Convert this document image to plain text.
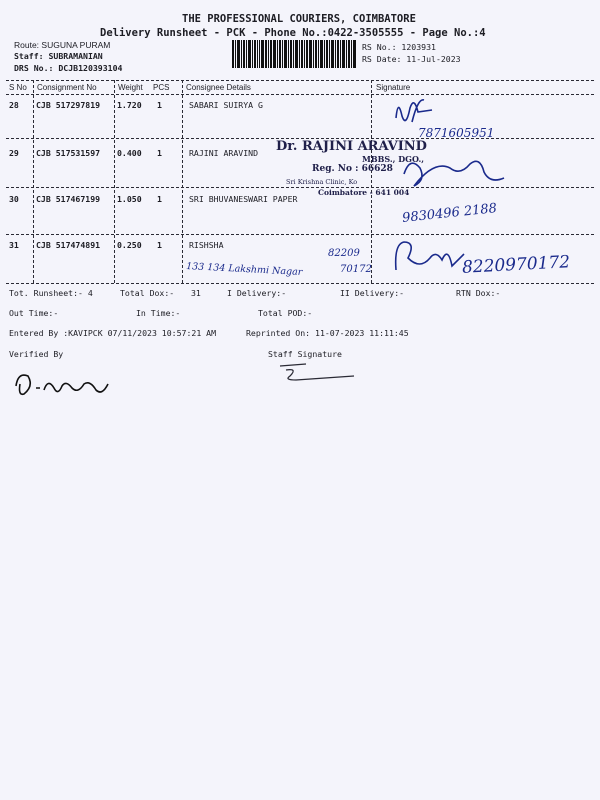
THE PROFESSIONAL COURIERS, COIMBATORE
Delivery Runsheet - PCK - Phone No.:0422-3505555 - Page No.:4
Route: SUGUNA PURAM
Staff: SUBRAMANIAN
DRS No.: DCJB120393104
RS No.: 1203931
RS Date: 11-Jul-2023
S No Consignment No	Weight PCS Consignee Details	Signature
28 CJB 517297819 1.720 1	SABARI SUIRYA G
29 CJB 517531597 0.400 1	RAJINI ARAVIND
30 CJB 517467199 1.050 1	SRI BHUVANESWARI PAPER
31 CJB 517474891 0.250 1	RISHSHA
Dr. RAJINI ARAVIND
MBBS., DGO.,
Reg. No : 66628
Sri Krishna Clinic, Ko
Coimbatore - 641 004
7871605951
9830496 2188
8220970172
82209
70172
133 134 Lakshmi Nagar
Tot. Runsheet:- 4	Total Dox:- 31	I Delivery:-	II Delivery:-	RTN Dox:-
Out Time:-	In Time:-	Total POD:-
Entered By :KAVIPCK 07/11/2023 10:57:21 AM	Reprinted On: 11-07-2023 11:11:45
Verified By	Staff Signature
